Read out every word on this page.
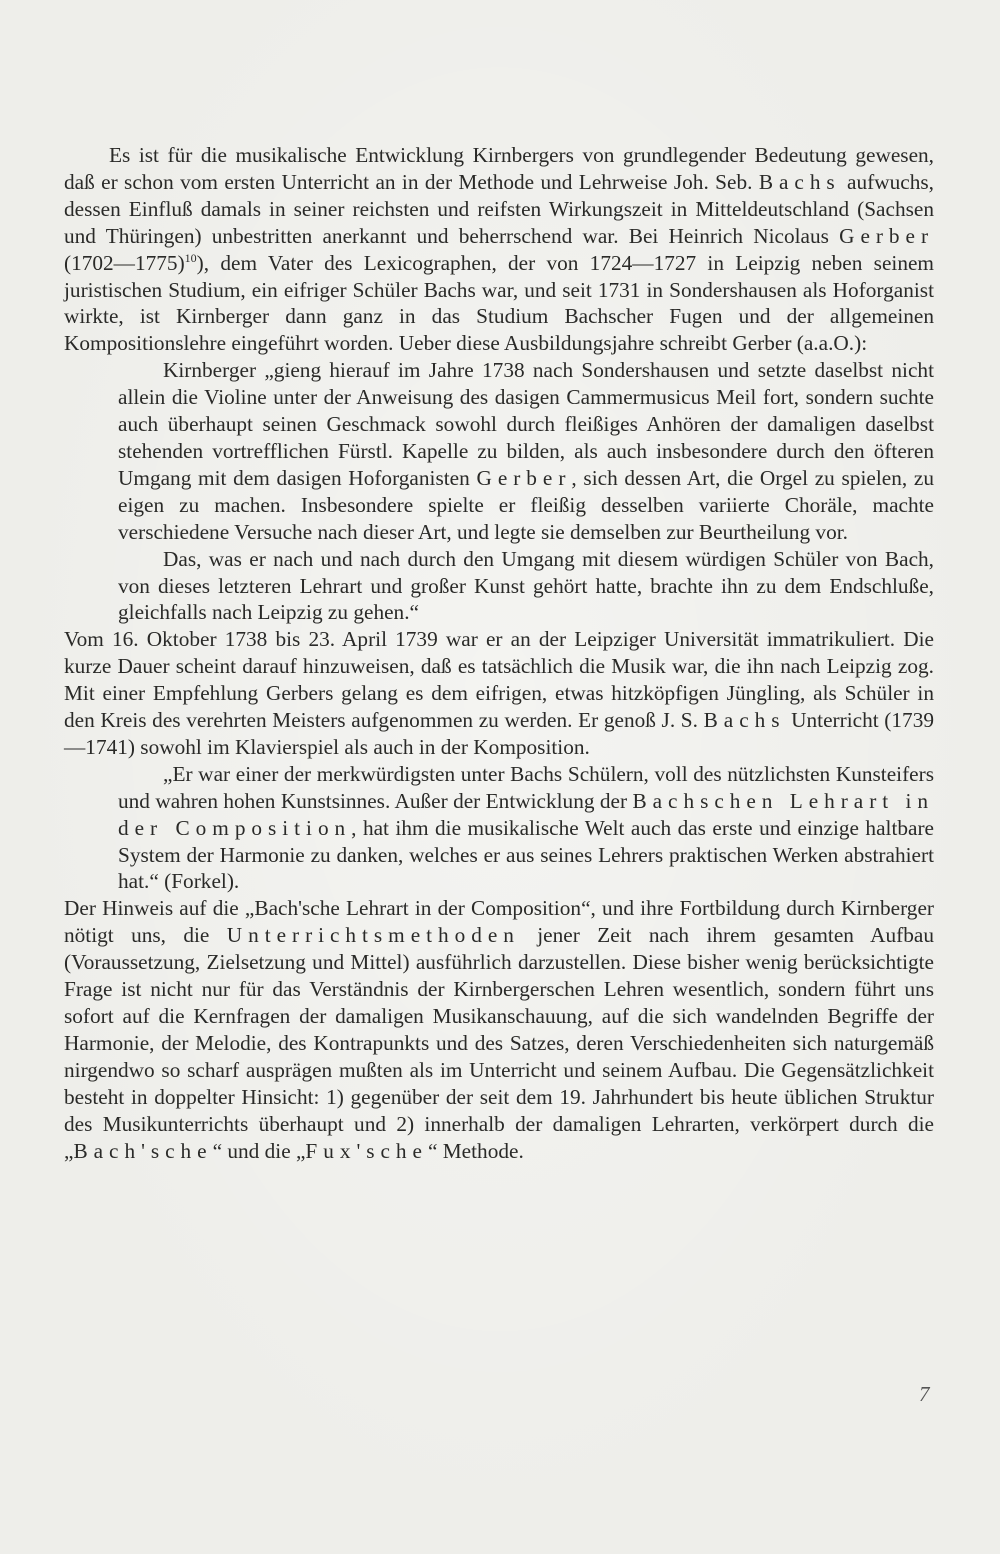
Es ist für die musikalische Entwicklung Kirnbergers von grundlegender Bedeutung gewesen, daß er schon vom ersten Unterricht an in der Methode und Lehrweise Joh. Seb. Bachs aufwuchs, dessen Einfluß damals in seiner reichsten und reifsten Wirkungszeit in Mitteldeutschland (Sachsen und Thüringen) unbestritten anerkannt und beherrschend war. Bei Heinrich Nicolaus Gerber (1702—1775)$^{10}$), dem Vater des Lexicographen, der von 1724—1727 in Leipzig neben seinem juristischen Studium, ein eifriger Schüler Bachs war, und seit 1731 in Sondershausen als Hoforganist wirkte, ist Kirnberger dann ganz in das Studium Bachscher Fugen und der allgemeinen Kompositionslehre eingeführt worden. Ueber diese Ausbildungsjahre schreibt Gerber (a.a.O.):

Kirnberger „gieng hierauf im Jahre 1738 nach Sondershausen und setzte daselbst nicht allein die Violine unter der Anweisung des dasigen Cammermusicus Meil fort, sondern suchte auch überhaupt seinen Geschmack sowohl durch fleißiges Anhören der damaligen daselbst stehenden vortrefflichen Fürstl. Kapelle zu bilden, als auch insbesondere durch den öfteren Umgang mit dem dasigen Hoforganisten Gerber, sich dessen Art, die Orgel zu spielen, zu eigen zu machen. Insbesondere spielte er fleißig desselben variierte Choräle, machte verschiedene Versuche nach dieser Art, und legte sie demselben zur Beurtheilung vor.

Das, was er nach und nach durch den Umgang mit diesem würdigen Schüler von Bach, von dieses letzteren Lehrart und großer Kunst gehört hatte, brachte ihn zu dem Endschluße, gleichfalls nach Leipzig zu gehen.“

Vom 16. Oktober 1738 bis 23. April 1739 war er an der Leipziger Universität immatrikuliert. Die kurze Dauer scheint darauf hinzuweisen, daß es tatsächlich die Musik war, die ihn nach Leipzig zog. Mit einer Empfehlung Gerbers gelang es dem eifrigen, etwas hitzköpfigen Jüngling, als Schüler in den Kreis des verehrten Meisters aufgenommen zu werden. Er genoß J. S. Bachs Unterricht (1739—1741) sowohl im Klavierspiel als auch in der Komposition.

„Er war einer der merkwürdigsten unter Bachs Schülern, voll des nützlichsten Kunsteifers und wahren hohen Kunstsinnes. Außer der Entwicklung der Bachschen Lehrart in der Composition, hat ihm die musikalische Welt auch das erste und einzige haltbare System der Harmonie zu danken, welches er aus seines Lehrers praktischen Werken abstrahiert hat.“ (Forkel).

Der Hinweis auf die „Bach'sche Lehrart in der Composition“, und ihre Fortbildung durch Kirnberger nötigt uns, die Unterrichtsmethoden jener Zeit nach ihrem gesamten Aufbau (Voraussetzung, Zielsetzung und Mittel) ausführlich darzustellen. Diese bisher wenig berücksichtigte Frage ist nicht nur für das Verständnis der Kirnbergerschen Lehren wesentlich, sondern führt uns sofort auf die Kernfragen der damaligen Musikanschauung, auf die sich wandelnden Begriffe der Harmonie, der Melodie, des Kontrapunkts und des Satzes, deren Verschiedenheiten sich naturgemäß nirgendwo so scharf ausprägen mußten als im Unterricht und seinem Aufbau. Die Gegensätzlichkeit besteht in doppelter Hinsicht: 1) gegenüber der seit dem 19. Jahrhundert bis heute üblichen Struktur des Musikunterrichts überhaupt und 2) innerhalb der damaligen Lehrarten, verkörpert durch die „Bach'sche“ und die „Fux'sche“ Methode.

7
